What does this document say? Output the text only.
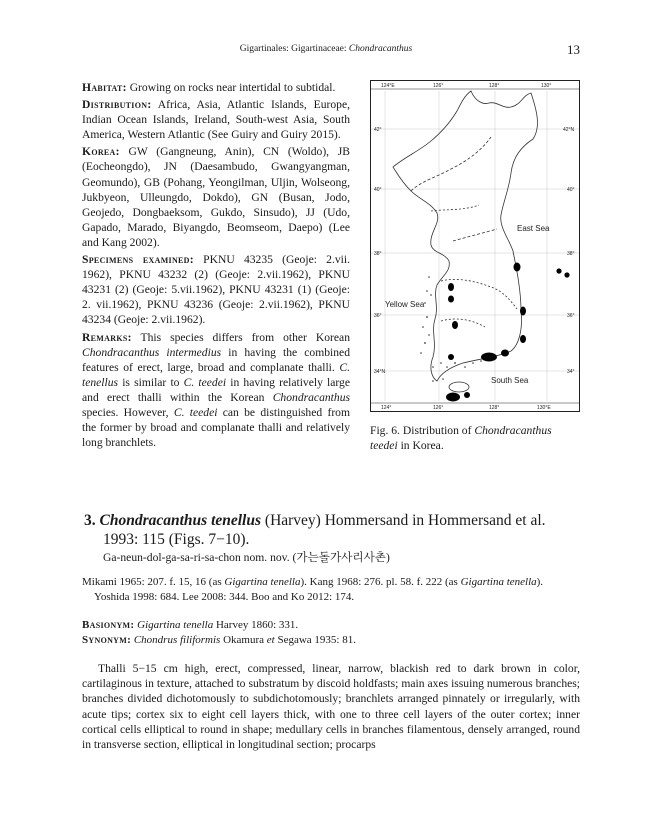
Gigartinales: Gigartinaceae: Chondracanthus	13

Habitat: Growing on rocks near intertidal to subtidal.

Distribution: Africa, Asia, Atlantic Islands, Europe, Indian Ocean Islands, Ireland, South-west Asia, South America, Western Atlantic (See Guiry and Guiry 2015).

Korea: GW (Gangneung, Anin), CN (Woldo), JB (Eocheongdo), JN (Daesambudo, Gwangyangman, Geomundo), GB (Pohang, Yeongilman, Uljin, Wolseong, Jukbyeon, Ulleungdo, Dokdo), GN (Busan, Jodo, Geojedo, Dongbaeksom, Gukdo, Sinsudo), JJ (Udo, Gapado, Marado, Biyangdo, Beomseom, Daepo) (Lee and Kang 2002).

Specimens examined: PKNU 43235 (Geoje: 2.vii. 1962), PKNU 43232 (2) (Geoje: 2.vii.1962), PKNU 43231 (2) (Geoje: 5.vii.1962), PKNU 43231 (1) (Geoje: 2. vii.1962), PKNU 43236 (Geoje: 2.vii.1962), PKNU 43234 (Geoje: 2.vii.1962).

Remarks: This species differs from other Korean Chondracanthus intermedius in having the combined features of erect, large, broad and complanate thalli. C. tenellus is similar to C. teedei in having relatively large and erect thalli within the Korean Chondracanthus species. However, C. teedei can be distinguished from the former by broad and complanate thalli and relatively long branchlets.

124°E	126°	128°	130°
124°	126°	128°	130°E
42°
40°
38°
36°
34°N
42°N
40°
38°
36°
34°
East Sea
Yellow Sea
South Sea
Fig. 6. Distribution of Chondracanthus teedei in Korea.
3. Chondracanthus tenellus (Harvey) Hommersand in Hommersand et al.
1993: 115 (Figs. 7−10).
Ga-neun-dol-ga-sa-ri-sa-chon nom. nov. (가는돌가사리사촌)
Mikami 1965: 207. f. 15, 16 (as Gigartina tenella). Kang 1968: 276. pl. 58. f. 222 (as Gigartina tenella).
Yoshida 1998: 684. Lee 2008: 344. Boo and Ko 2012: 174.
Basionym: Gigartina tenella Harvey 1860: 331.
Synonym: Chondrus filiformis Okamura et Segawa 1935: 81.
Thalli 5−15 cm high, erect, compressed, linear, narrow, blackish red to dark brown in color, cartilaginous in texture, attached to substratum by discoid holdfasts; main axes issuing numerous branches; branches divided dichotomously to subdichotomously; branchlets arranged pinnately or irregularly, with acute tips; cortex six to eight cell layers thick, with one to three cell layers of the outer cortex; inner cortical cells elliptical to round in shape; medullary cells in branches filamentous, densely arranged, round in transverse section, elliptical in longitudinal section; procarps
